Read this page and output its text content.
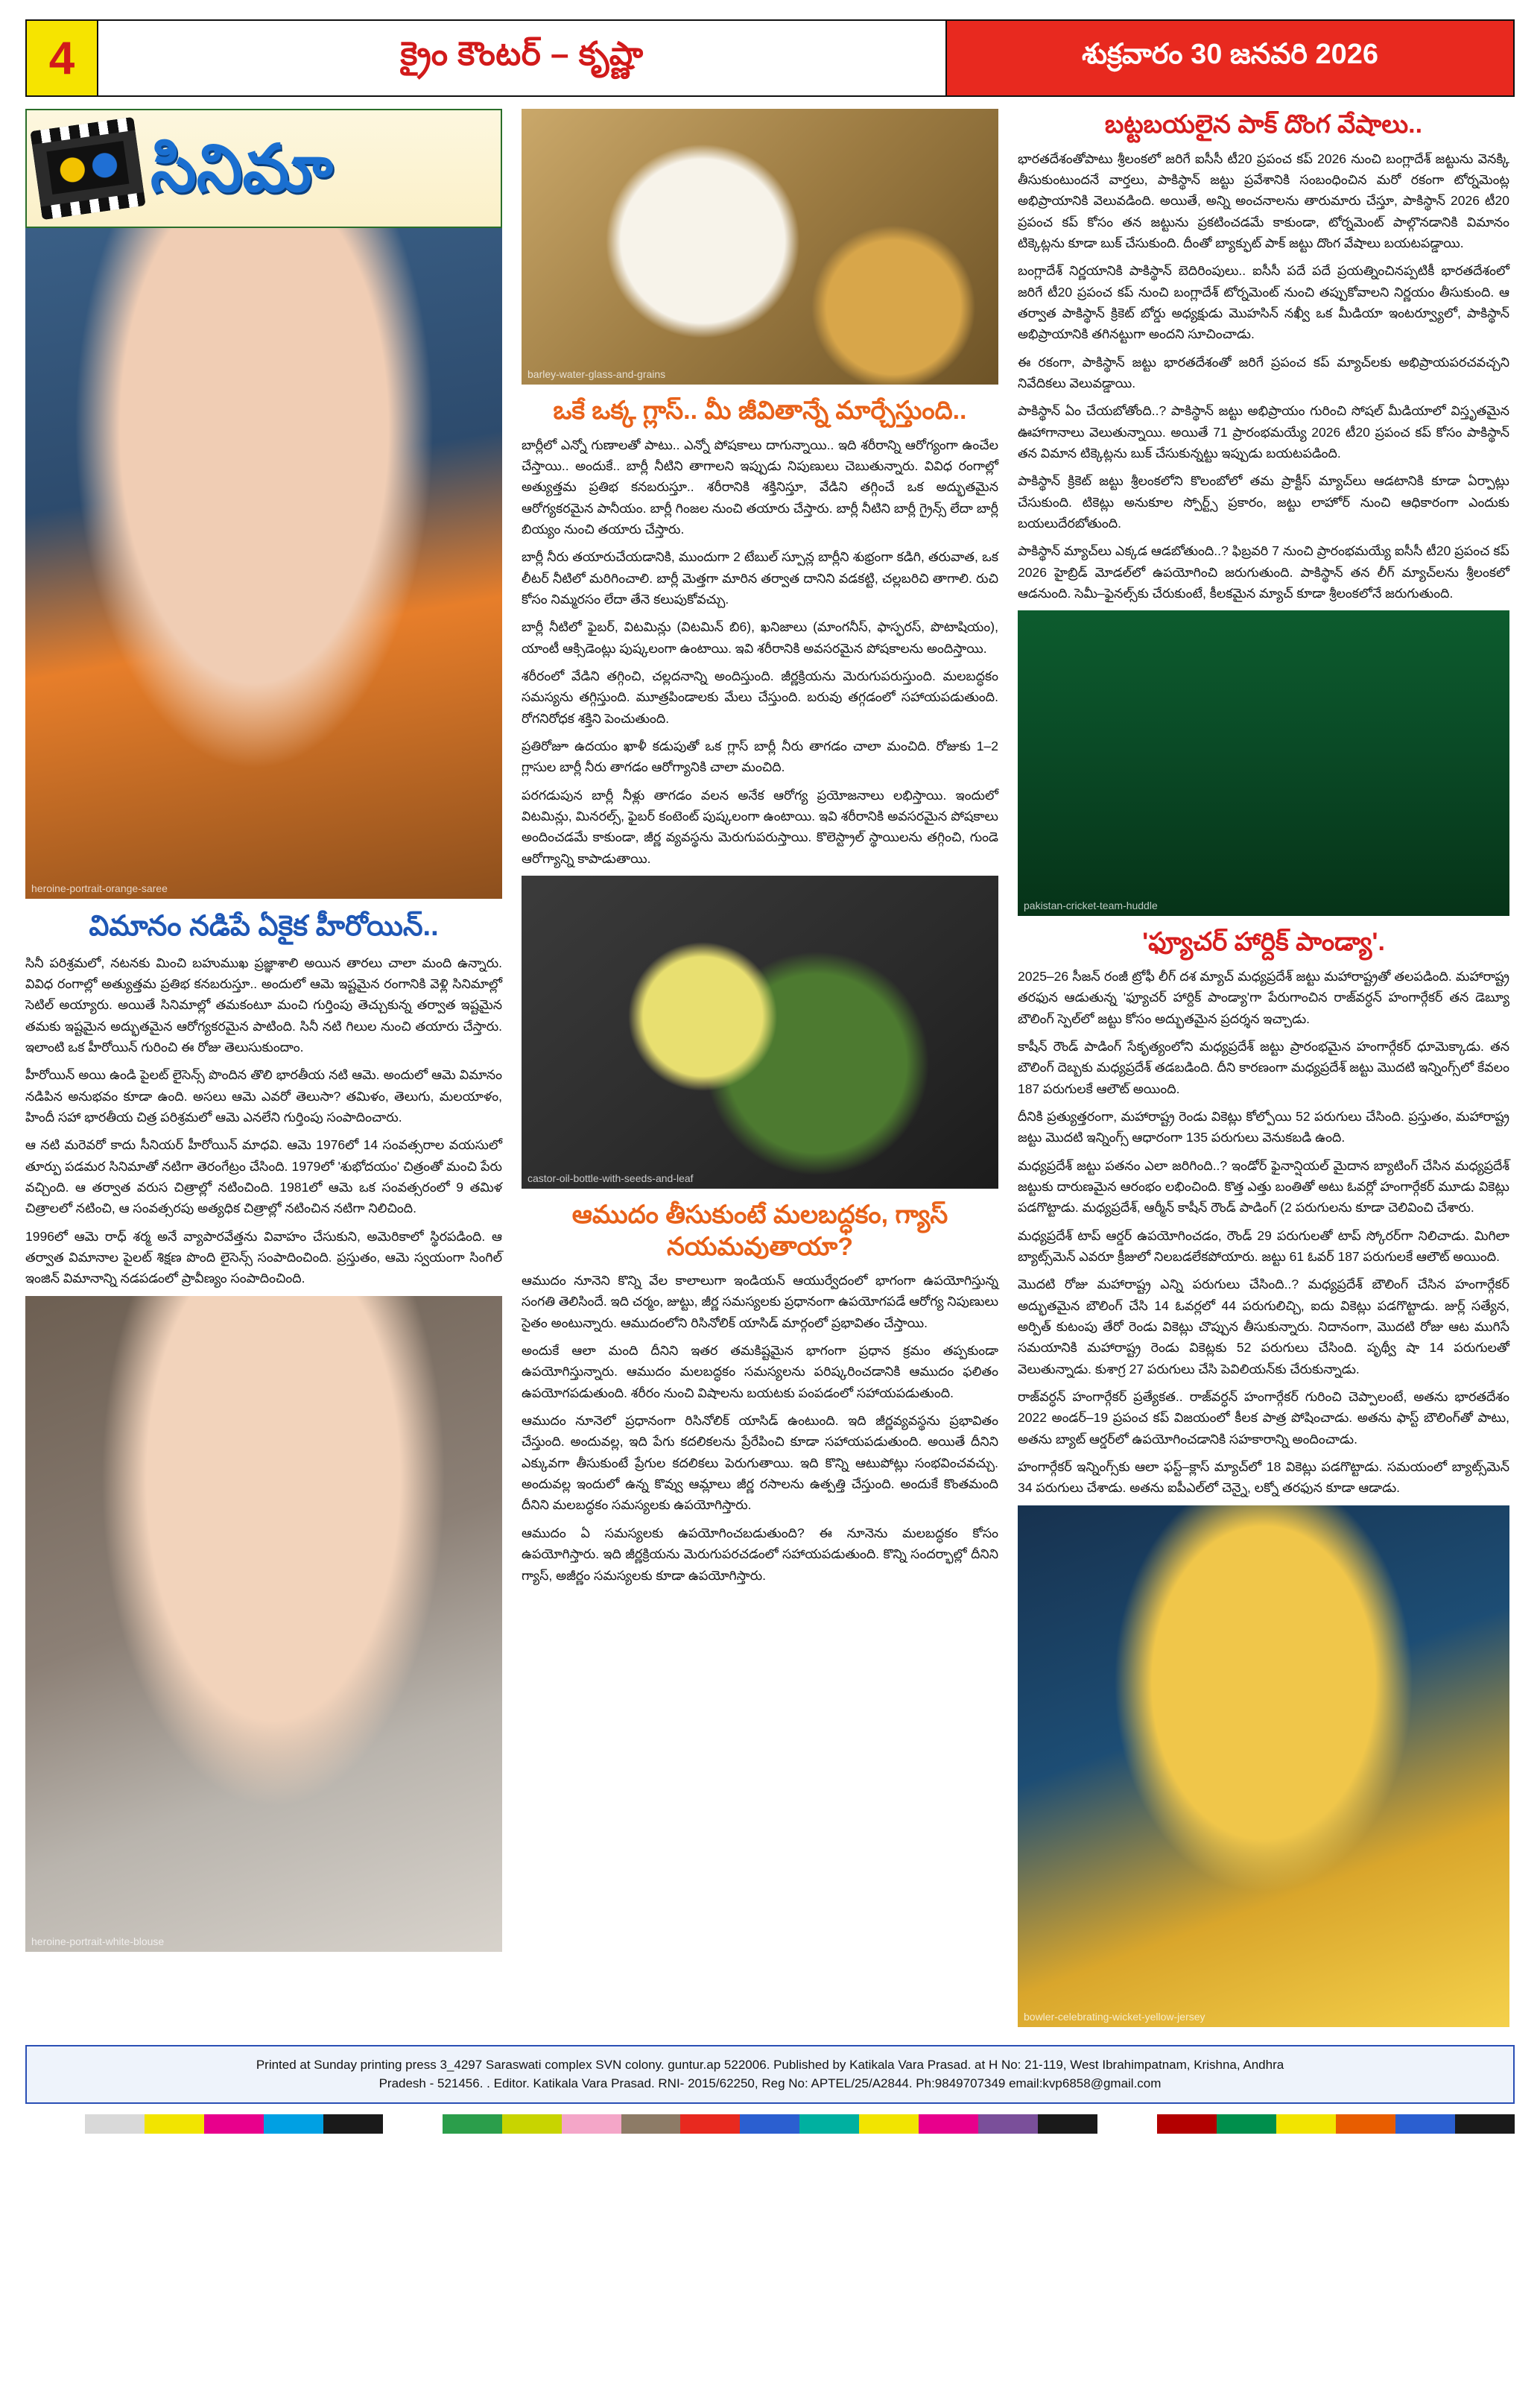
4	క్రైం కౌంటర్ – కృష్ణా	శుక్రవారం 30 జనవరి 2026
సినిమా
heroine-portrait-orange-saree
విమానం నడిపే ఏకైక హీరోయిన్..

సినీ పరిశ్రమలో, నటనకు మించి బహుముఖ ప్రజ్ఞాశాలి అయిన తారలు చాలా మంది ఉన్నారు. వివిధ రంగాల్లో అత్యుత్తమ ప్రతిభ కనబరుస్తూ.. అందులో ఆమె ఇష్టమైన రంగానికి వెళ్లి సినిమాల్లో సెటిల్ అయ్యారు. అయితే సినిమాల్లో తమకంటూ మంచి గుర్తింపు తెచ్చుకున్న తర్వాత ఇష్టమైన తమకు ఇష్టమైన అద్భుతమైన ఆరోగ్యకరమైన పాటింది. సినీ నటి గిలుల నుంచి తయారు చేస్తారు. ఇలాంటి ఒక హీరోయిన్ గురించి ఈ రోజు తెలుసుకుందాం.

హీరోయిన్ అయి ఉండి పైలట్ లైసెన్స్ పొందిన తొలి భారతీయ నటి ఆమె. అందులో ఆమె విమానం నడిపిన అనుభవం కూడా ఉంది. అసలు ఆమె ఎవరో తెలుసా? తమిళం, తెలుగు, మలయాళం, హిందీ సహా భారతీయ చిత్ర పరిశ్రమలో ఆమె ఎనలేని గుర్తింపు సంపాదించారు.

ఆ నటి మరెవరో కాదు సీనియర్ హీరోయిన్ మాధవి. ఆమె 1976లో 14 సంవత్సరాల వయసులో తూర్పు పడమర సినిమాతో నటిగా తెరంగేట్రం చేసింది. 1979లో 'శుభోదయం' చిత్రంతో మంచి పేరు వచ్చింది. ఆ తర్వాత వరుస చిత్రాల్లో నటించింది. 1981లో ఆమె ఒక సంవత్సరంలో 9 తమిళ చిత్రాలలో నటించి, ఆ సంవత్సరపు అత్యధిక చిత్రాల్లో నటించిన నటిగా నిలిచింది.

1996లో ఆమె రాధ్ శర్మ అనే వ్యాపారవేత్తను వివాహం చేసుకుని, అమెరికాలో స్థిరపడింది. ఆ తర్వాత విమానాల పైలట్ శిక్షణ పొంది లైసెన్స్ సంపాదించింది. ప్రస్తుతం, ఆమె స్వయంగా సింగిల్ ఇంజిన్ విమానాన్ని నడపడంలో ప్రావీణ్యం సంపాదించింది.

heroine-portrait-white-blouse
barley-water-glass-and-grains
ఒకే ఒక్క గ్లాస్.. మీ జీవితాన్నే మార్చేస్తుంది..

బార్లీలో ఎన్నో గుణాలతో పాటు.. ఎన్నో పోషకాలు దాగున్నాయి.. ఇది శరీరాన్ని ఆరోగ్యంగా ఉంచేల చేస్తాయి.. అందుకే.. బార్లీ నీటిని తాగాలని ఇప్పుడు నిపుణులు చెబుతున్నారు. వివిధ రంగాల్లో అత్యుత్తమ ప్రతిభ కనబరుస్తూ.. శరీరానికి శక్తినిస్తూ, వేడిని తగ్గించే ఒక అద్భుతమైన ఆరోగ్యకరమైన పానీయం. బార్లీ గింజల నుంచి తయారు చేస్తారు. బార్లీ నీటిని బార్లీ గ్రైన్స్ లేదా బార్లీ బియ్యం నుంచి తయారు చేస్తారు.

బార్లీ నీరు తయారుచేయడానికి, ముందుగా 2 టేబుల్ స్పూన్ల బార్లీని శుభ్రంగా కడిగి, తరువాత, ఒక లీటర్ నీటిలో మరిగించాలి. బార్లీ మెత్తగా మారిన తర్వాత దానిని వడకట్టి, చల్లబరిచి తాగాలి. రుచి కోసం నిమ్మరసం లేదా తేనె కలుపుకోవచ్చు.

బార్లీ నీటిలో ఫైబర్, విటమిన్లు (విటమిన్ బి6), ఖనిజాలు (మాంగనీస్, ఫాస్ఫరస్, పొటాషియం), యాంటీ ఆక్సిడెంట్లు పుష్కలంగా ఉంటాయి. ఇవి శరీరానికి అవసరమైన పోషకాలను అందిస్తాయి.

శరీరంలో వేడిని తగ్గించి, చల్లదనాన్ని అందిస్తుంది. జీర్ణక్రియను మెరుగుపరుస్తుంది. మలబద్ధకం సమస్యను తగ్గిస్తుంది. మూత్రపిండాలకు మేలు చేస్తుంది. బరువు తగ్గడంలో సహాయపడుతుంది. రోగనిరోధక శక్తిని పెంచుతుంది.

ప్రతిరోజూ ఉదయం ఖాళీ కడుపుతో ఒక గ్లాస్ బార్లీ నీరు తాగడం చాలా మంచిది. రోజుకు 1–2 గ్లాసుల బార్లీ నీరు తాగడం ఆరోగ్యానికి చాలా మంచిది.

పరగడుపున బార్లీ నీళ్లు తాగడం వలన అనేక ఆరోగ్య ప్రయోజనాలు లభిస్తాయి. ఇందులో విటమిన్లు, మినరల్స్, ఫైబర్ కంటెంట్ పుష్కలంగా ఉంటాయి. ఇవి శరీరానికి అవసరమైన పోషకాలు అందించడమే కాకుండా, జీర్ణ వ్యవస్థను మెరుగుపరుస్తాయి. కొలెస్ట్రాల్ స్థాయిలను తగ్గించి, గుండె ఆరోగ్యాన్ని కాపాడుతాయి.

castor-oil-bottle-with-seeds-and-leaf
ఆముదం తీసుకుంటే మలబద్ధకం, గ్యాస్ నయమవుతాయా?

ఆముదం నూనెని కొన్ని వేల కాలాలుగా ఇండియన్ ఆయుర్వేదంలో భాగంగా ఉపయోగిస్తున్న సంగతి తెలిసిందే. ఇది చర్మం, జుట్టు, జీర్ణ సమస్యలకు ప్రధానంగా ఉపయోగపడే ఆరోగ్య నిపుణులు సైతం అంటున్నారు. ఆముదంలోని రిసినోలిక్ యాసిడ్ మార్గంలో ప్రభావితం చేస్తాయి.

అందుకే ఆలా మంది దీనిని ఇతర తమకిష్టమైన భాగంగా ప్రధాన క్రమం తప్పకుండా ఉపయోగిస్తున్నారు. ఆముదం మలబద్ధకం సమస్యలను పరిష్కరించడానికి ఆముదం ఫలితం ఉపయోగపడుతుంది. శరీరం నుంచి విషాలను బయటకు పంపడంలో సహాయపడుతుంది.

ఆముదం నూనెలో ప్రధానంగా రిసినోలిక్ యాసిడ్ ఉంటుంది. ఇది జీర్ణవ్యవస్థను ప్రభావితం చేస్తుంది. అందువల్ల, ఇది పేగు కదలికలను ప్రేరేపించి కూడా సహాయపడుతుంది. అయితే దీనిని ఎక్కువగా తీసుకుంటే ప్రేగుల కదలికలు పెరుగుతాయి. ఇది కొన్ని ఆటుపోట్లు సంభవించవచ్చు. అందువల్ల ఇందులో ఉన్న కొవ్వు ఆమ్లాలు జీర్ణ రసాలను ఉత్పత్తి చేస్తుంది. అందుకే కొంతమంది దీనిని మలబద్ధకం సమస్యలకు ఉపయోగిస్తారు.

ఆముదం ఏ సమస్యలకు ఉపయోగించబడుతుంది? ఈ నూనెను మలబద్ధకం కోసం ఉపయోగిస్తారు. ఇది జీర్ణక్రియను మెరుగుపరచడంలో సహాయపడుతుంది. కొన్ని సందర్భాల్లో దీనిని గ్యాస్, అజీర్ణం సమస్యలకు కూడా ఉపయోగిస్తారు.

బట్టబయలైన పాక్ దొంగ వేషాలు..

భారతదేశంతోపాటు శ్రీలంకలో జరిగే ఐసీసీ టీ20 ప్రపంచ కప్ 2026 నుంచి బంగ్లాదేశ్ జట్టును వెనక్కి తీసుకుంటుందనే వార్తలు, పాకిస్థాన్ జట్టు ప్రవేశానికి సంబంధించిన మరో రకంగా టోర్నమెంట్ల అభిప్రాయానికి వెలువడింది. అయితే, అన్ని అంచనాలను తారుమారు చేస్తూ, పాకిస్థాన్ 2026 టీ20 ప్రపంచ కప్ కోసం తన జట్టును ప్రకటించడమే కాకుండా, టోర్నమెంట్ పాల్గొనడానికి విమానం టిక్కెట్లను కూడా బుక్ చేసుకుంది. దీంతో బ్యాక్ఫుట్ పాక్ జట్టు దొంగ వేషాలు బయటపడ్డాయి.

బంగ్లాదేశ్ నిర్ణయానికి పాకిస్థాన్ బెదిరింపులు.. ఐసీసీ పదే పదే ప్రయత్నించినప్పటికీ భారతదేశంలో జరిగే టీ20 ప్రపంచ కప్ నుంచి బంగ్లాదేశ్ టోర్నమెంట్ నుంచి తప్పుకోవాలని నిర్ణయం తీసుకుంది. ఆ తర్వాత పాకిస్థాన్ క్రికెట్ బోర్డు అధ్యక్షుడు మొహసిన్ నఖ్వీ ఒక మీడియా ఇంటర్వ్యూలో, పాకిస్థాన్ అభిప్రాయానికి తగినట్టుగా అందని సూచించాడు.

ఈ రకంగా, పాకిస్థాన్ జట్టు భారతదేశంతో జరిగే ప్రపంచ కప్ మ్యాచ్‌లకు అభిప్రాయపరచవచ్చని నివేదికలు వెలువడ్డాయి.

పాకిస్థాన్ ఏం చేయబోతోంది..? పాకిస్థాన్ జట్టు అభిప్రాయం గురించి సోషల్ మీడియాలో విస్తృతమైన ఊహాగానాలు వెలుతున్నాయి. అయితే 71 ప్రారంభమయ్యే 2026 టీ20 ప్రపంచ కప్ కోసం పాకిస్థాన్ తన విమాన టిక్కెట్లను బుక్ చేసుకున్నట్టు ఇప్పుడు బయటపడింది.

పాకిస్థాన్ క్రికెట్ జట్టు శ్రీలంకలోని కొలంబోలో తమ ప్రాక్టీస్ మ్యాచ్‌లు ఆడటానికి కూడా ఏర్పాట్లు చేసుకుంది. టికెట్లు అనుకూల స్పోర్ట్స్ ప్రకారం, జట్టు లాహోర్ నుంచి ఆధికారంగా ఎందుకు బయలుదేరబోతుంది.

పాకిస్థాన్ మ్యాచ్‌లు ఎక్కడ ఆడబోతుంది..? ఫిబ్రవరి 7 నుంచి ప్రారంభమయ్యే ఐసీసీ టీ20 ప్రపంచ కప్ 2026 హైబ్రిడ్ మోడల్‌లో ఉపయోగించి జరుగుతుంది. పాకిస్థాన్ తన లీగ్ మ్యాచ్‌లను శ్రీలంకలో ఆడనుంది. సెమీ–ఫైనల్స్‌కు చేరుకుంటే, కీలకమైన మ్యాచ్ కూడా శ్రీలంకలోనే జరుగుతుంది.

pakistan-cricket-team-huddle
'ఫ్యూచర్ హార్దిక్ పాండ్యా'.

2025–26 సీజన్ రంజీ ట్రోఫీ లీగ్ దశ మ్యాచ్ మధ్యప్రదేశ్ జట్టు మహారాష్ట్రతో తలపడింది. మహారాష్ట్ర తరఫున ఆడుతున్న 'ఫ్యూచర్ హార్దిక్ పాండ్యా'గా పేరుగాంచిన రాజ్‌వర్ధన్ హంగార్గేకర్ తన డెబ్యూ బౌలింగ్ స్పెల్‌లో జట్టు కోసం అద్భుతమైన ప్రదర్శన ఇచ్చాడు.

కాషీన్ రౌండ్ పాడింగ్ సేకృత్యంలోని మధ్యప్రదేశ్ జట్టు ప్రారంభమైన హంగార్గేకర్ ధూమెక్కాడు. తన బౌలింగ్ దెబ్బకు మధ్యప్రదేశ్ తడబడింది. దీని కారణంగా మధ్యప్రదేశ్ జట్టు మొదటి ఇన్నింగ్స్‌లో కేవలం 187 పరుగులకే ఆలౌట్ అయింది.

దీనికి ప్రత్యుత్తరంగా, మహారాష్ట్ర రెండు వికెట్లు కోల్పోయి 52 పరుగులు చేసింది. ప్రస్తుతం, మహారాష్ట్ర జట్టు మొదటి ఇన్నింగ్స్ ఆధారంగా 135 పరుగులు వెనుకబడి ఉంది.

మధ్యప్రదేశ్ జట్టు పతనం ఎలా జరిగింది..? ఇండోర్ ఫైనాన్షియల్ మైదాన బ్యాటింగ్ చేసిన మధ్యప్రదేశ్ జట్టుకు దారుణమైన ఆరంభం లభించింది. కొత్త ఎత్తు బంతితో అటు ఓవర్లో హంగార్గేకర్ మూడు వికెట్లు పడగొట్టాడు. మధ్యప్రదేశ్, ఆర్మీన్ కాషీన్ రౌండ్ పాడింగ్ (2 పరుగులను కూడా చెలివించి చేశారు.

మధ్యప్రదేశ్ టాప్ ఆర్డర్ ఉపయోగించడం, రౌండ్ 29 పరుగులతో టాప్ స్కోరర్‌గా నిలిచాడు. మిగిలా బ్యాట్స్‌మెన్ ఎవరూ క్రీజులో నిలబడలేకపోయారు. జట్టు 61 ఓవర్ 187 పరుగులకే ఆలౌట్ అయింది.

మొదటి రోజు మహారాష్ట్ర ఎన్ని పరుగులు చేసింది..? మధ్యప్రదేశ్ బౌలింగ్ చేసిన హంగార్గేకర్ అద్భుతమైన బౌలింగ్ చేసి 14 ఓవర్లలో 44 పరుగులిచ్చి, ఐదు వికెట్లు పడగొట్టాడు. జుర్ల్ సత్యేన, అర్పిత్ కుటంపు తేరో రెండు వికెట్లు చొప్పున తీసుకున్నారు. నిదానంగా, మొదటి రోజు ఆట ముగిసే సమయానికి మహారాష్ట్ర రెండు వికెట్లకు 52 పరుగులు చేసింది. పృథ్వీ షా 14 పరుగులతో వెలుతున్నాడు. కుశాగ్ర 27 పరుగులు చేసి పెవిలియన్‌కు చేరుకున్నాడు.

రాజ్‌వర్ధన్ హంగార్గేకర్ ప్రత్యేకత.. రాజ్‌వర్ధన్ హంగార్గేకర్ గురించి చెప్పాలంటే, అతను భారతదేశం 2022 అండర్–19 ప్రపంచ కప్ విజయంలో కీలక పాత్ర పోషించాడు. అతను ఫాస్ట్ బౌలింగ్‌తో పాటు, అతను బ్యాట్ ఆర్డర్‌లో ఉపయోగించడానికి సహకారాన్ని అందించాడు.

హంగార్గేకర్ ఇన్నింగ్స్‌కు ఆలా ఫస్ట్–క్లాస్ మ్యాచ్‌లో 18 వికెట్లు పడగొట్టాడు. సమయంలో బ్యాట్స్‌మెన్ 34 పరుగులు చేశాడు. అతను ఐపీఎల్‌లో చెన్నై, లక్నో తరఫున కూడా ఆడాడు.

bowler-celebrating-wicket-yellow-jersey
Printed at Sunday printing press 3_4297 Saraswati complex SVN colony. guntur.ap 522006. Published by Katikala Vara Prasad. at H No: 21-119, West Ibrahimpatnam, Krishna, Andhra
Pradesh - 521456. . Editor. Katikala Vara Prasad. RNI- 2015/62250, Reg No: APTEL/25/A2844. Ph:9849707349 email:kvp6858@gmail.com
